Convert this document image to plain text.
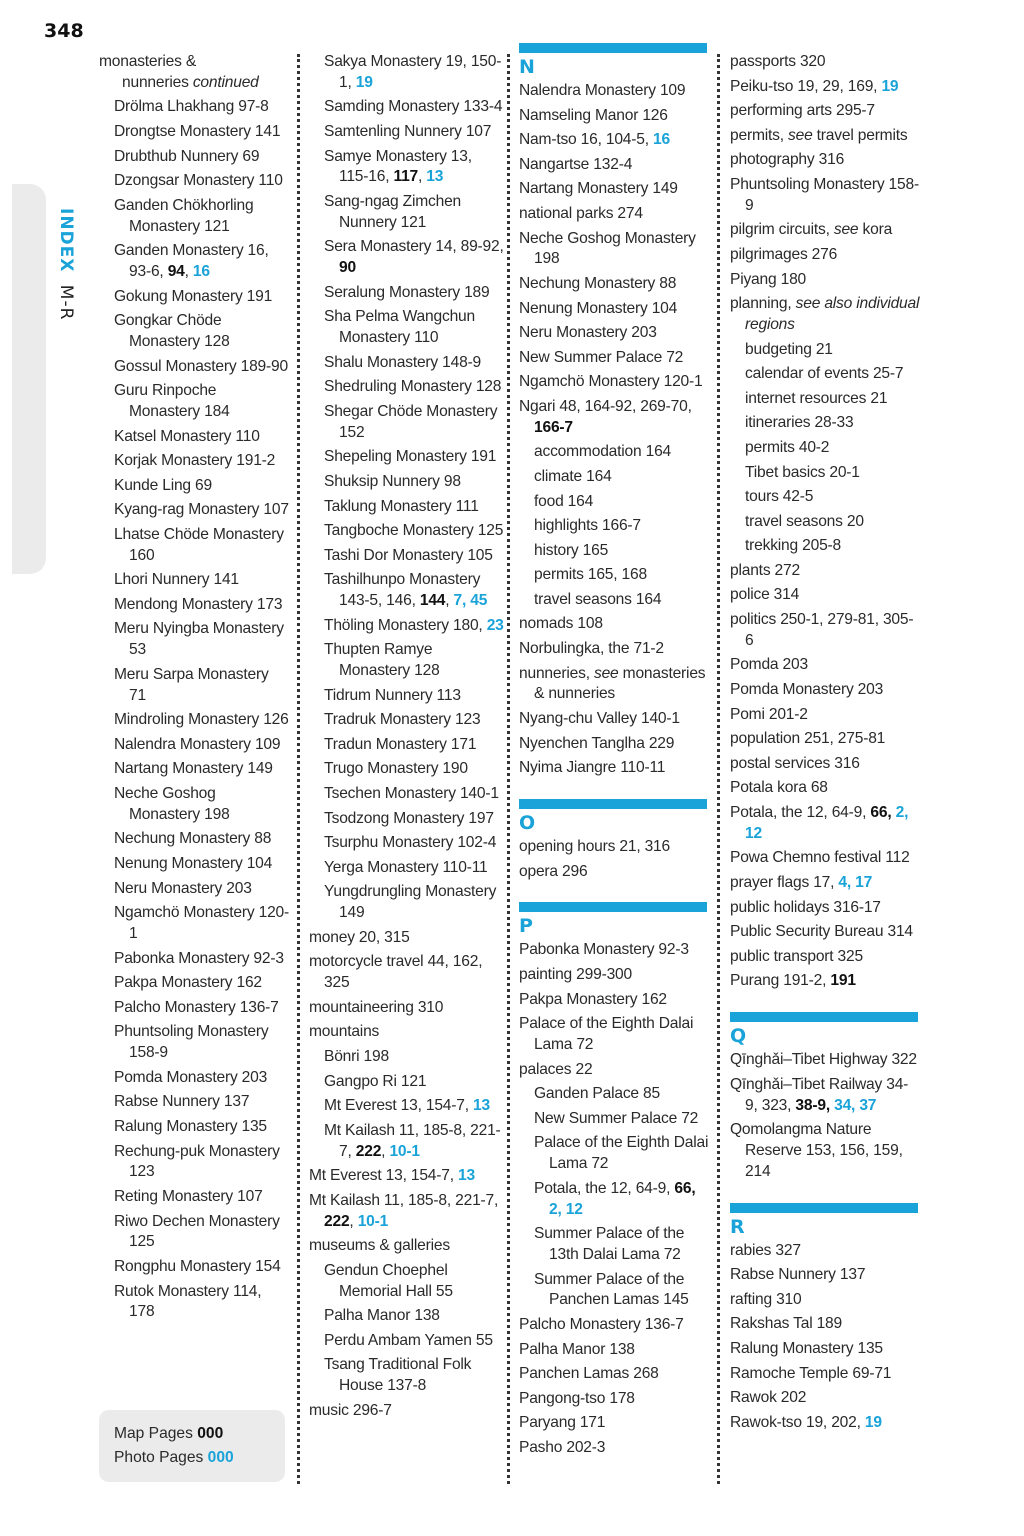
348
INDEX M-R
monasteries &
nunneries continued
Drölma Lhakhang 97-8
Drongtse Monastery 141
Drubthub Nunnery 69
Dzongsar Monastery 110
Ganden Chökhorling Monastery 121
Ganden Monastery 16, 93-6, 94, 16
Gokung Monastery 191
Gongkar Chöde Monastery 128
Gossul Monastery 189-90
Guru Rinpoche Monastery 184
Katsel Monastery 110
Korjak Monastery 191-2
Kunde Ling 69
Kyang-rag Monastery 107
Lhatse Chöde Monastery 160
Lhori Nunnery 141
Mendong Monastery 173
Meru Nyingba Monastery 53
Meru Sarpa Monastery 71
Mindroling Monastery 126
Nalendra Monastery 109
Nartang Monastery 149
Neche Goshog Monastery 198
Nechung Monastery 88
Nenung Monastery 104
Neru Monastery 203
Ngamchö Monastery 120-1
Pabonka Monastery 92-3
Pakpa Monastery 162
Palcho Monastery 136-7
Phuntsoling Monastery 158-9
Pomda Monastery 203
Rabse Nunnery 137
Ralung Monastery 135
Rechung-puk Monastery 123
Reting Monastery 107
Riwo Dechen Monastery 125
Rongphu Monastery 154
Rutok Monastery 114, 178
Sakya Monastery 19, 150-1, 19
Samding Monastery 133-4
Samtenling Nunnery 107
Samye Monastery 13, 115-16, 117, 13
Sang-ngag Zimchen Nunnery 121
Sera Monastery 14, 89-92, 90
Seralung Monastery 189
Sha Pelma Wangchun Monastery 110
Shalu Monastery 148-9
Shedruling Monastery 128
Shegar Chöde Monastery 152
Shepeling Monastery 191
Shuksip Nunnery 98
Taklung Monastery 111
Tangboche Monastery 125
Tashi Dor Monastery 105
Tashilhunpo Monastery 143-5, 146, 144, 7, 45
Thöling Monastery 180, 23
Thupten Ramye Monastery 128
Tidrum Nunnery 113
Tradruk Monastery 123
Tradun Monastery 171
Trugo Monastery 190
Tsechen Monastery 140-1
Tsodzong Monastery 197
Tsurphu Monastery 102-4
Yerga Monastery 110-11
Yungdrungling Monastery 149
money 20, 315
motorcycle travel 44, 162, 325
mountaineering 310
mountains
Bönri 198
Gangpo Ri 121
Mt Everest 13, 154-7, 13
Mt Kailash 11, 185-8, 221-7, 222, 10-1
Mt Everest 13, 154-7, 13
Mt Kailash 11, 185-8, 221-7, 222, 10-1
museums & galleries
Gendun Choephel Memorial Hall 55
Palha Manor 138
Perdu Ambam Yamen 55
Tsang Traditional Folk House 137-8
music 296-7
N
Nalendra Monastery 109
Namseling Manor 126
Nam-tso 16, 104-5, 16
Nangartse 132-4
Nartang Monastery 149
national parks 274
Neche Goshog Monastery 198
Nechung Monastery 88
Nenung Monastery 104
Neru Monastery 203
New Summer Palace 72
Ngamchö Monastery 120-1
Ngari 48, 164-92, 269-70, 166-7
accommodation 164
climate 164
food 164
highlights 166-7
history 165
permits 165, 168
travel seasons 164
nomads 108
Norbulingka, the 71-2
nunneries, see monasteries & nunneries
Nyang-chu Valley 140-1
Nyenchen Tanglha 229
Nyima Jiangre 110-11
O
opening hours 21, 316
opera 296
P
Pabonka Monastery 92-3
painting 299-300
Pakpa Monastery 162
Palace of the Eighth Dalai Lama 72
palaces 22
Ganden Palace 85
New Summer Palace 72
Palace of the Eighth Dalai Lama 72
Potala, the 12, 64-9, 66, 2, 12
Summer Palace of the 13th Dalai Lama 72
Summer Palace of the Panchen Lamas 145
Palcho Monastery 136-7
Palha Manor 138
Panchen Lamas 268
Pangong-tso 178
Paryang 171
Pasho 202-3
passports 320
Peiku-tso 19, 29, 169, 19
performing arts 295-7
permits, see travel permits
photography 316
Phuntsoling Monastery 158-9
pilgrim circuits, see kora
pilgrimages 276
Piyang 180
planning, see also individual regions
budgeting 21
calendar of events 25-7
internet resources 21
itineraries 28-33
permits 40-2
Tibet basics 20-1
tours 42-5
travel seasons 20
trekking 205-8
plants 272
police 314
politics 250-1, 279-81, 305-6
Pomda 203
Pomda Monastery 203
Pomi 201-2
population 251, 275-81
postal services 316
Potala kora 68
Potala, the 12, 64-9, 66, 2, 12
Powa Chemno festival 112
prayer flags 17, 4, 17
public holidays 316-17
Public Security Bureau 314
public transport 325
Purang 191-2, 191
Q
Qīnghǎi–Tibet Highway 322
Qīnghǎi–Tibet Railway 34-9, 323, 38-9, 34, 37
Qomolangma Nature Reserve 153, 156, 159, 214
R
rabies 327
Rabse Nunnery 137
rafting 310
Rakshas Tal 189
Ralung Monastery 135
Ramoche Temple 69-71
Rawok 202
Rawok-tso 19, 202, 19
Map Pages 000
Photo Pages 000
